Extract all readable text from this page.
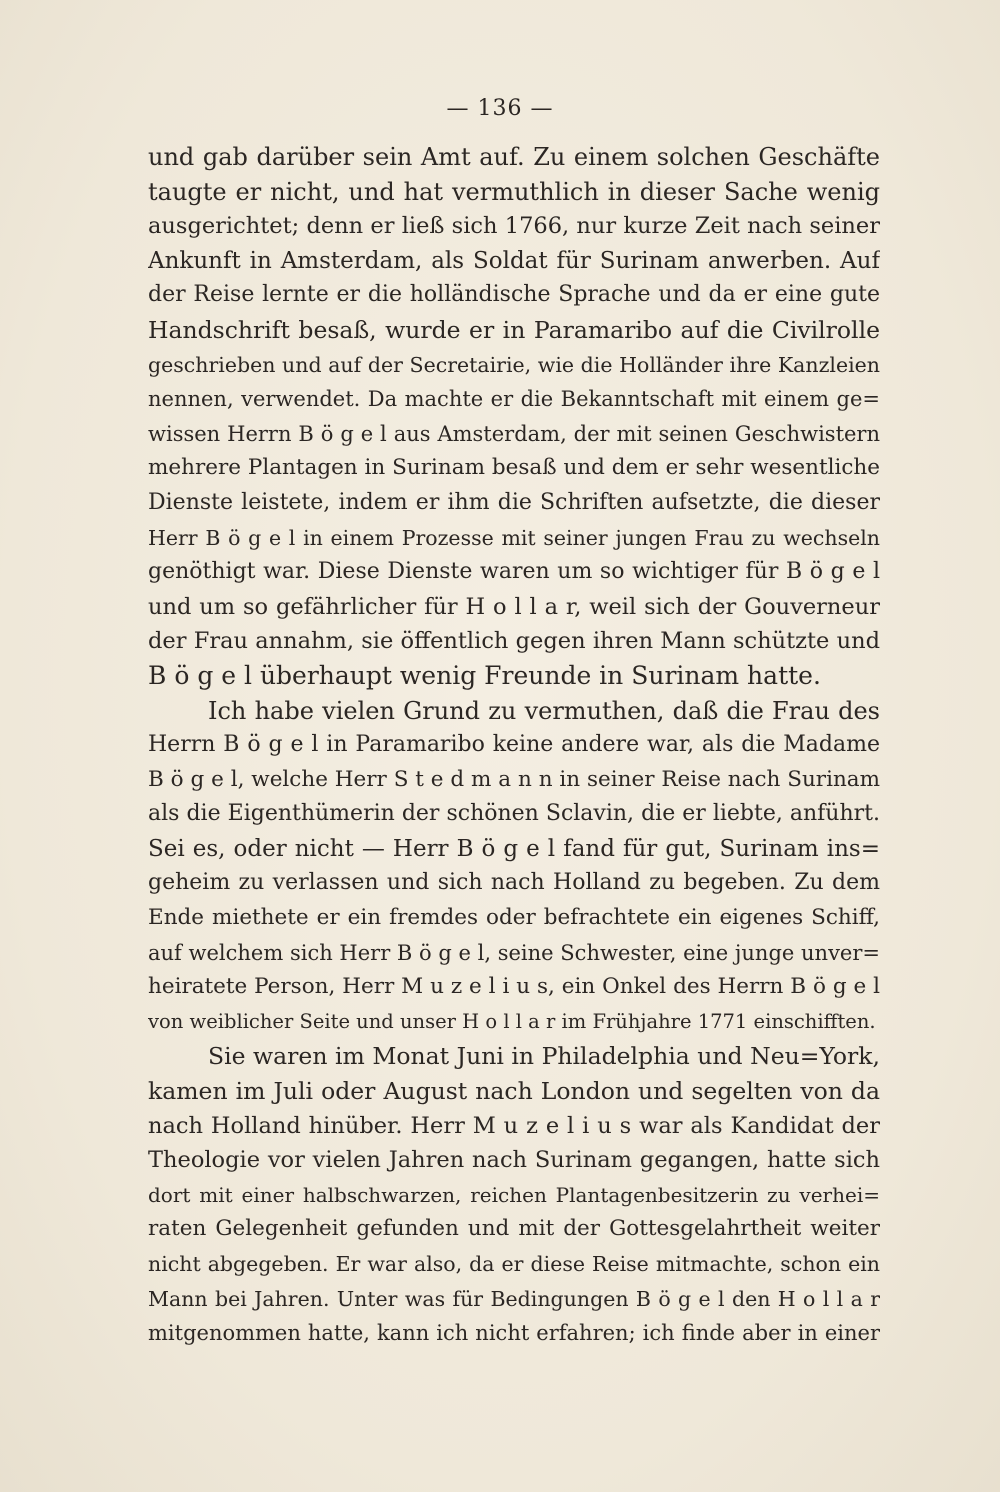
— 136 —
und gab darüber sein Amt auf. Zu einem solchen Geschäfte
taugte er nicht, und hat vermuthlich in dieser Sache wenig
ausgerichtet; denn er ließ sich 1766, nur kurze Zeit nach seiner
Ankunft in Amsterdam, als Soldat für Surinam anwerben. Auf
der Reise lernte er die holländische Sprache und da er eine gute
Handschrift besaß, wurde er in Paramaribo auf die Civilrolle
geschrieben und auf der Secretairie, wie die Holländer ihre Kanzleien
nennen, verwendet. Da machte er die Bekanntschaft mit einem ge=
wissen Herrn B ö g e l aus Amsterdam, der mit seinen Geschwistern
mehrere Plantagen in Surinam besaß und dem er sehr wesentliche
Dienste leistete, indem er ihm die Schriften aufsetzte, die dieser
Herr B ö g e l in einem Prozesse mit seiner jungen Frau zu wechseln
genöthigt war. Diese Dienste waren um so wichtiger für B ö g e l
und um so gefährlicher für H o l l a r, weil sich der Gouverneur
der Frau annahm, sie öffentlich gegen ihren Mann schützte und
B ö g e l überhaupt wenig Freunde in Surinam hatte.
Ich habe vielen Grund zu vermuthen, daß die Frau des
Herrn B ö g e l in Paramaribo keine andere war, als die Madame
B ö g e l, welche Herr S t e d m a n n in seiner Reise nach Surinam
als die Eigenthümerin der schönen Sclavin, die er liebte, anführt.
Sei es, oder nicht — Herr B ö g e l fand für gut, Surinam ins=
geheim zu verlassen und sich nach Holland zu begeben. Zu dem
Ende miethete er ein fremdes oder befrachtete ein eigenes Schiff,
auf welchem sich Herr B ö g e l, seine Schwester, eine junge unver=
heiratete Person, Herr M u z e l i u s, ein Onkel des Herrn B ö g e l
von weiblicher Seite und unser H o l l a r im Frühjahre 1771 einschifften.
Sie waren im Monat Juni in Philadelphia und Neu=York,
kamen im Juli oder August nach London und segelten von da
nach Holland hinüber. Herr M u z e l i u s war als Kandidat der
Theologie vor vielen Jahren nach Surinam gegangen, hatte sich
dort mit einer halbschwarzen, reichen Plantagenbesitzerin zu verhei=
raten Gelegenheit gefunden und mit der Gottesgelahrtheit weiter
nicht abgegeben. Er war also, da er diese Reise mitmachte, schon ein
Mann bei Jahren. Unter was für Bedingungen B ö g e l den H o l l a r
mitgenommen hatte, kann ich nicht erfahren; ich finde aber in einer
